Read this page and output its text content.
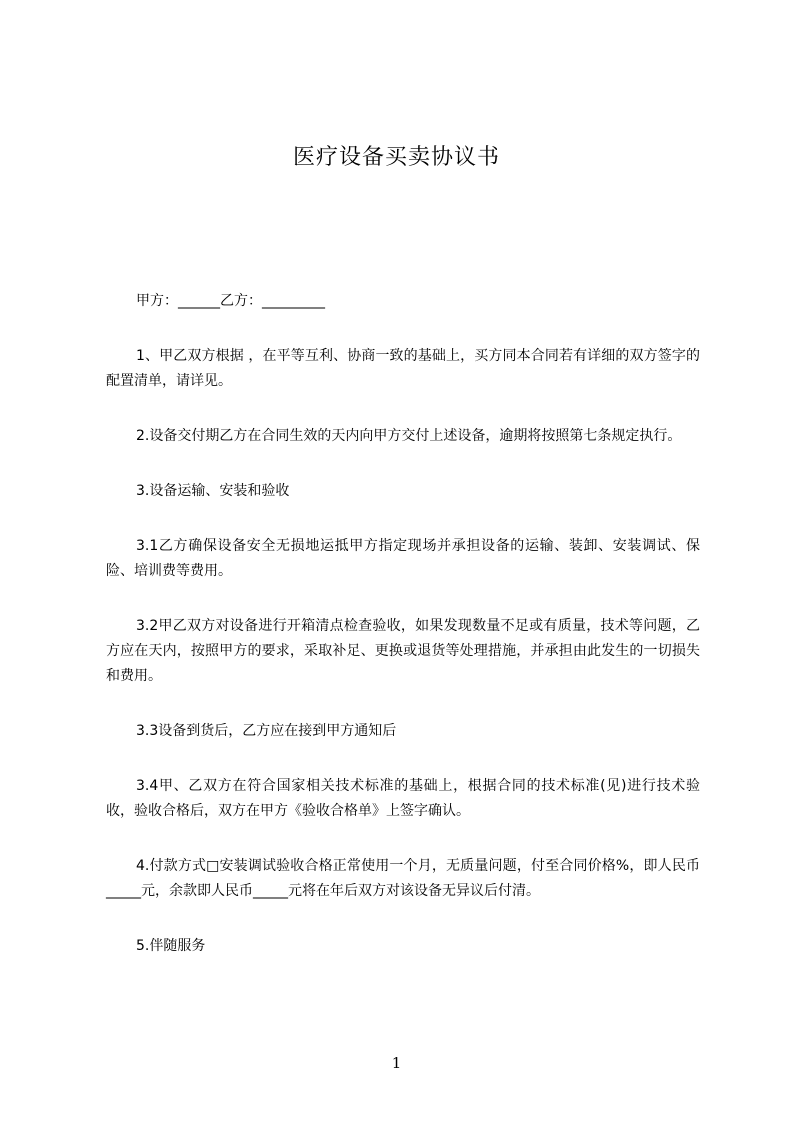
医疗设备买卖协议书

甲方：______乙方：_________

1、甲乙双方根据 ，在平等互利、协商一致的基础上，买方同本合同若有详细的双方签字的配置清单，请详见。

2.设备交付期乙方在合同生效的天内向甲方交付上述设备，逾期将按照第七条规定执行。

3.设备运输、安装和验收

3.1乙方确保设备安全无损地运抵甲方指定现场并承担设备的运输、装卸、安装调试、保险、培训费等费用。

3.2甲乙双方对设备进行开箱清点检查验收，如果发现数量不足或有质量，技术等问题，乙方应在天内，按照甲方的要求，采取补足、更换或退货等处理措施，并承担由此发生的一切损失和费用。

3.3设备到货后，乙方应在接到甲方通知后

3.4甲、乙双方在符合国家相关技术标准的基础上，根据合同的技术标准(见)进行技术验收，验收合格后，双方在甲方《验收合格单》上签字确认。

4.付款方式□安装调试验收合格正常使用一个月，无质量问题，付至合同价格%，即人民币_____元，余款即人民币_____元将在年后双方对该设备无异议后付清。

5.伴随服务

1
